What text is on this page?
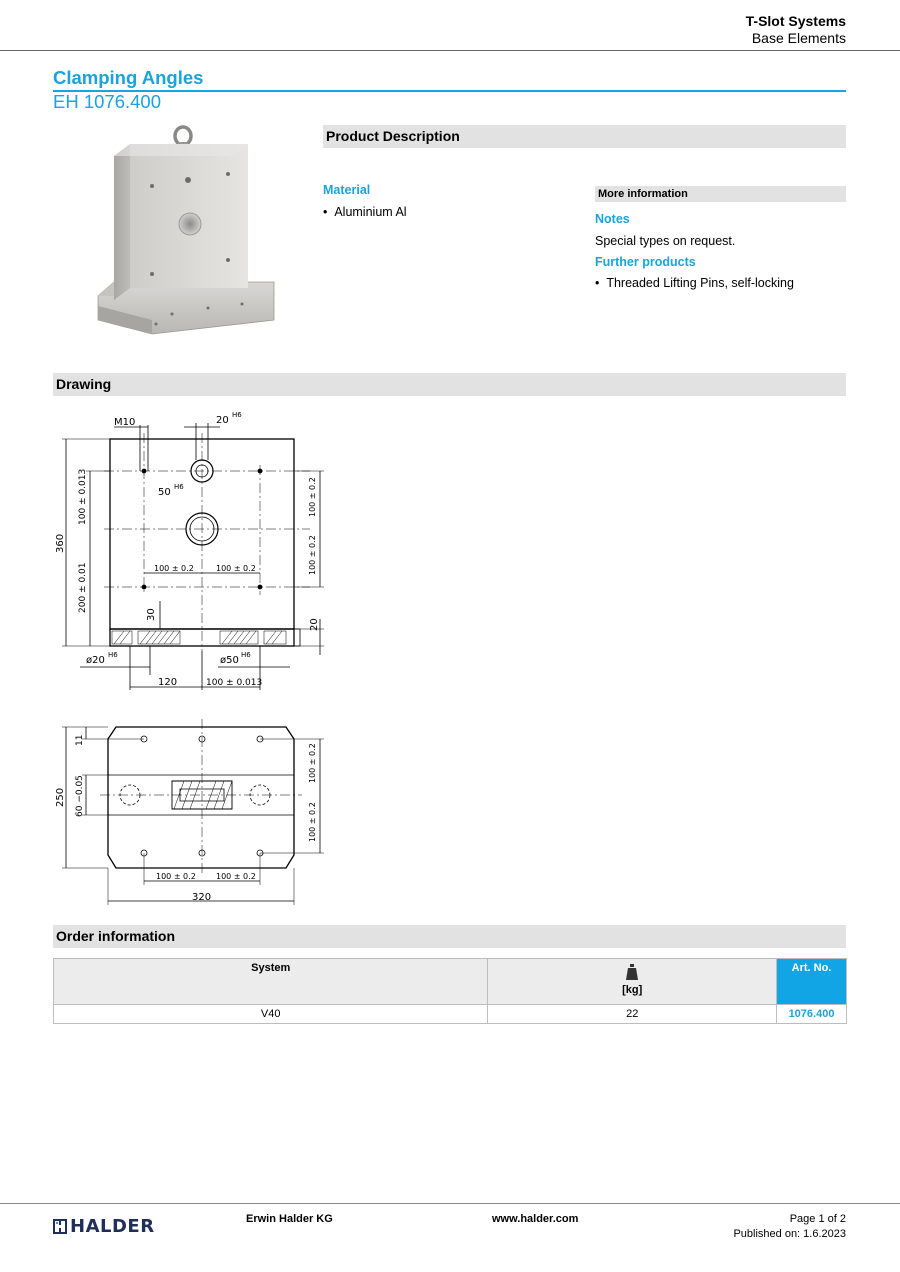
T-Slot Systems
Base Elements
Clamping Angles
EH 1076.400
Product Description
Material
•  Aluminium Al
More information
Notes
Special types on request.
Further products
•  Threaded Lifting Pins, self-locking
Drawing
M10	20 H6
50 H6
100 ± 0.013
360
200 ± 0.01
100 ± 0.2
100 ± 0.2
100 ± 0.2	100 ± 0.2
30
20
ø20 H6	ø50 H6
120	100 ± 0.013
11
250 60 −0.05
100 ± 0.2
100 ± 0.2
100 ± 0.2	100 ± 0.2
320
Order information
System	[kg]	Art. No.
V40	22	1076.400
HALDER	Erwin Halder KG	www.halder.com	Page 1 of 2
Published on: 1.6.2023
